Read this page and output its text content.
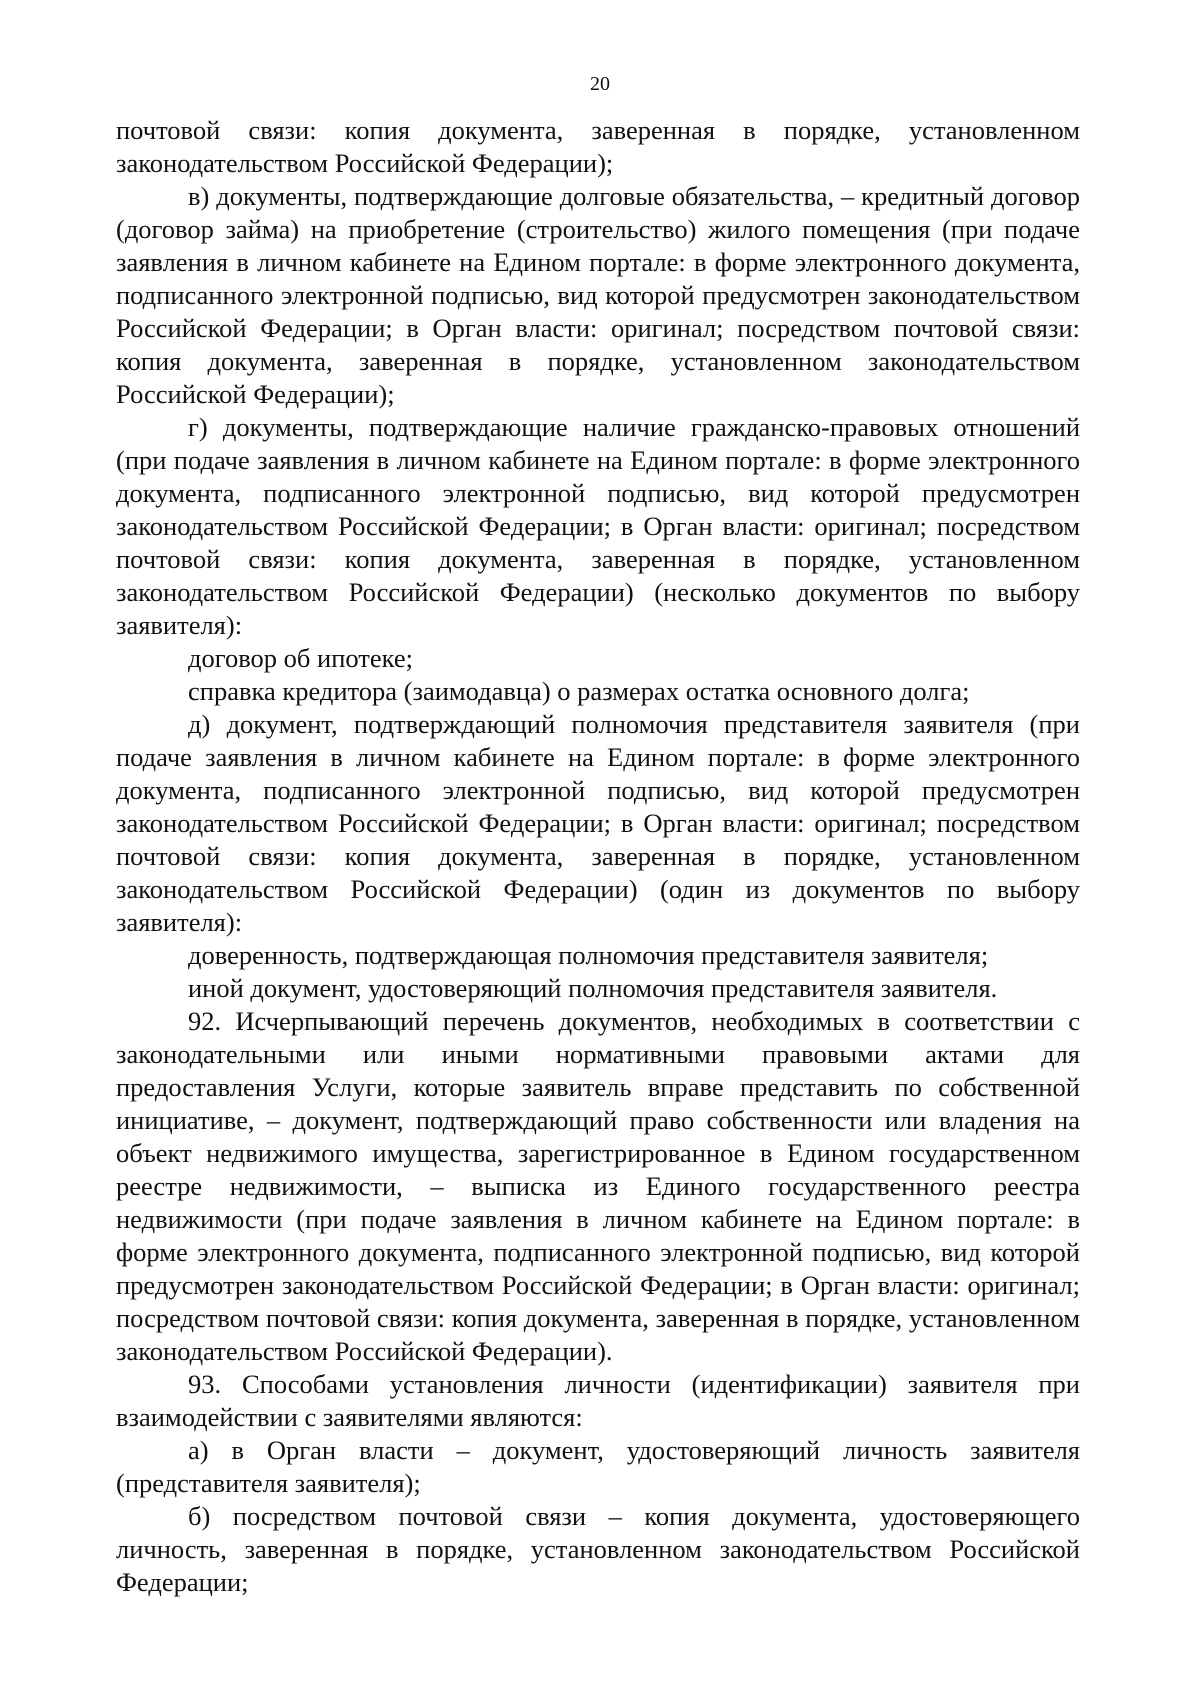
20

почтовой связи: копия документа, заверенная в порядке, установленном законодательством Российской Федерации);

в) документы, подтверждающие долговые обязательства, – кредитный договор (договор займа) на приобретение (строительство) жилого помещения (при подаче заявления в личном кабинете на Едином портале: в форме электронного документа, подписанного электронной подписью, вид которой предусмотрен законодательством Российской Федерации; в Орган власти: оригинал; посредством почтовой связи: копия документа, заверенная в порядке, установленном законодательством Российской Федерации);

г) документы, подтверждающие наличие гражданско-правовых отношений (при подаче заявления в личном кабинете на Едином портале: в форме электронного документа, подписанного электронной подписью, вид которой предусмотрен законодательством Российской Федерации; в Орган власти: оригинал; посредством почтовой связи: копия документа, заверенная в порядке, установленном законодательством Российской Федерации) (несколько документов по выбору заявителя):

договор об ипотеке;

справка кредитора (заимодавца) о размерах остатка основного долга;

д) документ, подтверждающий полномочия представителя заявителя (при подаче заявления в личном кабинете на Едином портале: в форме электронного документа, подписанного электронной подписью, вид которой предусмотрен законодательством Российской Федерации; в Орган власти: оригинал; посредством почтовой связи: копия документа, заверенная в порядке, установленном законодательством Российской Федерации) (один из документов по выбору заявителя):

доверенность, подтверждающая полномочия представителя заявителя;

иной документ, удостоверяющий полномочия представителя заявителя.

92. Исчерпывающий перечень документов, необходимых в соответствии с законодательными или иными нормативными правовыми актами для предоставления Услуги, которые заявитель вправе представить по собственной инициативе, – документ, подтверждающий право собственности или владения на объект недвижимого имущества, зарегистрированное в Едином государственном реестре недвижимости, – выписка из Единого государственного реестра недвижимости (при подаче заявления в личном кабинете на Едином портале: в форме электронного документа, подписанного электронной подписью, вид которой предусмотрен законодательством Российской Федерации; в Орган власти: оригинал; посредством почтовой связи: копия документа, заверенная в порядке, установленном законодательством Российской Федерации).

93. Способами установления личности (идентификации) заявителя при взаимодействии с заявителями являются:

а) в Орган власти – документ, удостоверяющий личность заявителя (представителя заявителя);

б) посредством почтовой связи – копия документа, удостоверяющего личность, заверенная в порядке, установленном законодательством Российской Федерации;
